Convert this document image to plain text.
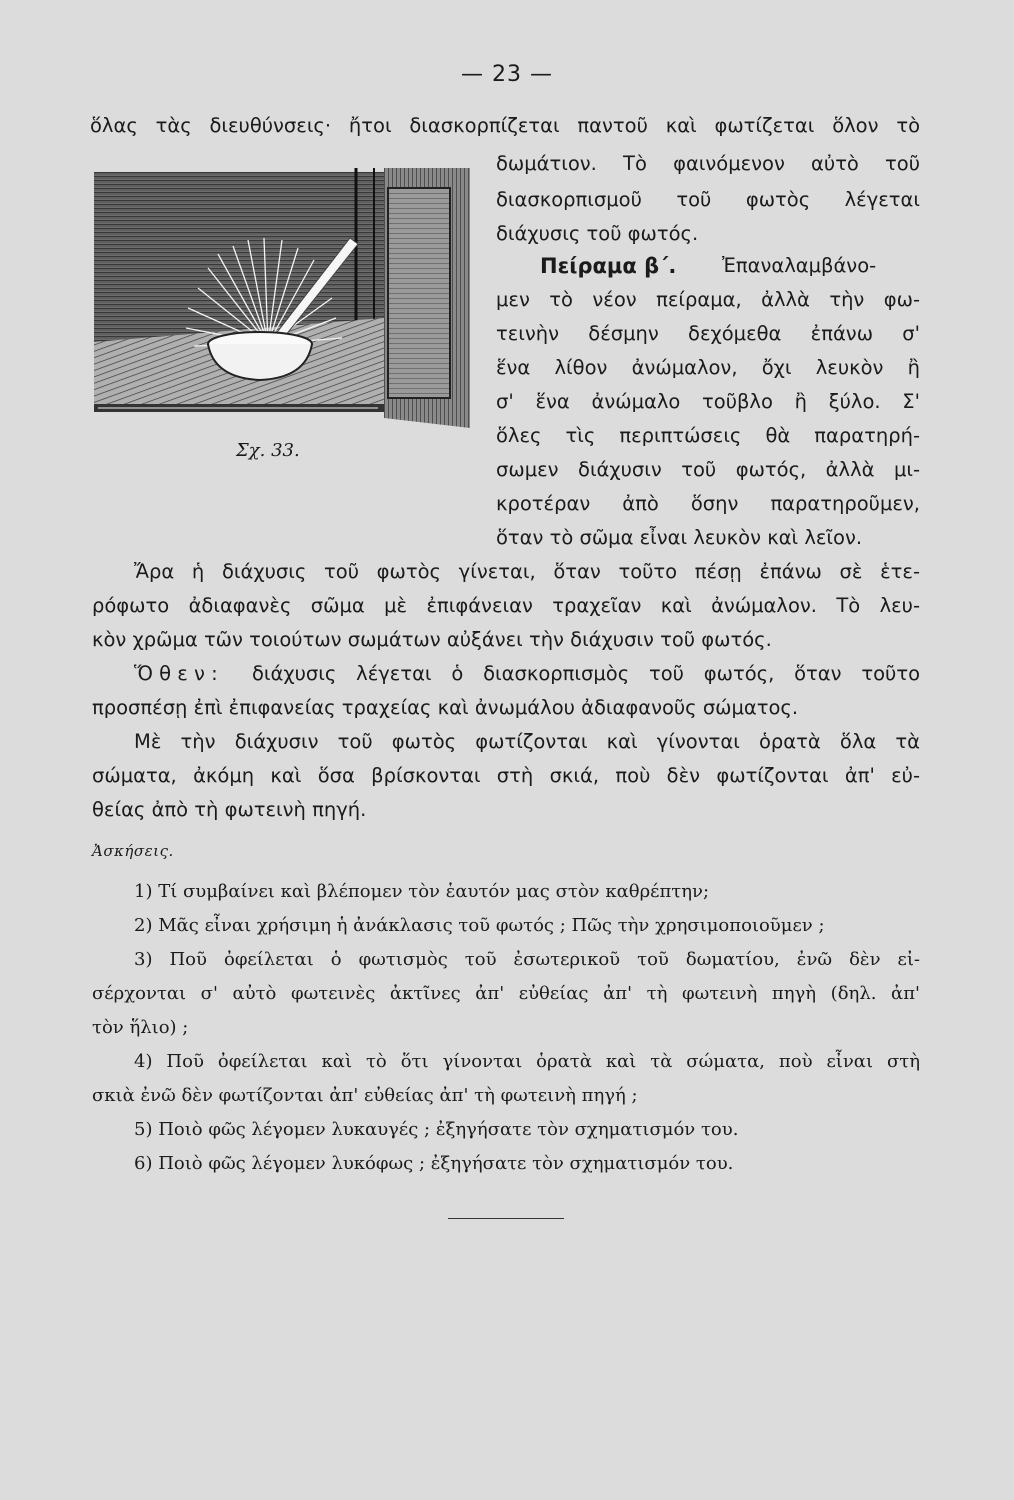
— 23 —
Σχ. 33.
ὅλας τὰς διευθύνσεις· ἤτοι διασκορπίζεται παντοῦ καὶ φωτίζεται ὅλον τὸ
δωμάτιον. Τὸ φαινόμενον αὐτὸ τοῦ
διασκορπισμοῦ τοῦ φωτὸς λέγεται
διάχυσις τοῦ φωτός.
Πείραμα β΄. Ἐπαναλαμβάνο-
μεν τὸ νέον πείραμα, ἀλλὰ τὴν φω-
τεινὴν δέσμην δεχόμεθα ἐπάνω σ'
ἕνα λίθον ἀνώμαλον, ὄχι λευκὸν ἢ
σ' ἕνα ἀνώμαλο τοῦβλο ἢ ξύλο. Σ'
ὅλες τὶς περιπτώσεις θὰ παρατηρή-
σωμεν διάχυσιν τοῦ φωτός, ἀλλὰ μι-
κροτέραν ἀπὸ ὅσην παρατηροῦμεν,
ὅταν τὸ σῶμα εἶναι λευκὸν καὶ λεῖον.
Ἄρα ἡ διάχυσις τοῦ φωτὸς γίνεται, ὅταν τοῦτο πέσῃ ἐπάνω σὲ ἑτε-
ρόφωτο ἀδιαφανὲς σῶμα μὲ ἐπιφάνειαν τραχεῖαν καὶ ἀνώμαλον. Τὸ λευ-
κὸν χρῶμα τῶν τοιούτων σωμάτων αὐξάνει τὴν διάχυσιν τοῦ φωτός.
Ὅ θ ε ν : διάχυσις λέγεται ὁ διασκορπισμὸς τοῦ φωτός, ὅταν τοῦτο
προσπέσῃ ἐπὶ ἐπιφανείας τραχείας καὶ ἀνωμάλου ἀδιαφανοῦς σώματος.
Μὲ τὴν διάχυσιν τοῦ φωτὸς φωτίζονται καὶ γίνονται ὁρατὰ ὅλα τὰ
σώματα, ἀκόμη καὶ ὅσα βρίσκονται στὴ σκιά, ποὺ δὲν φωτίζονται ἀπ' εὐ-
θείας ἀπὸ τὴ φωτεινὴ πηγή.
Ἀσκήσεις.
1) Τί συμβαίνει καὶ βλέπομεν τὸν ἑαυτόν μας στὸν καθρέπτην;
2) Μᾶς εἶναι χρήσιμη ἡ ἀνάκλασις τοῦ φωτός ; Πῶς τὴν χρησιμοποιοῦμεν ;
3) Ποῦ ὀφείλεται ὁ φωτισμὸς τοῦ ἐσωτερικοῦ τοῦ δωματίου, ἐνῶ δὲν εἰ-
σέρχονται σ' αὐτὸ φωτεινὲς ἀκτῖνες ἀπ' εὐθείας ἀπ' τὴ φωτεινὴ πηγὴ (δηλ. ἀπ'
τὸν ἥλιο) ;
4) Ποῦ ὀφείλεται καὶ τὸ ὅτι γίνονται ὁρατὰ καὶ τὰ σώματα, ποὺ εἶναι στὴ
σκιὰ ἐνῶ δὲν φωτίζονται ἀπ' εὐθείας ἀπ' τὴ φωτεινὴ πηγή ;
5) Ποιὸ φῶς λέγομεν λυκαυγές ; ἐξηγήσατε τὸν σχηματισμόν του.
6) Ποιὸ φῶς λέγομεν λυκόφως ; ἐξηγήσατε τὸν σχηματισμόν του.
